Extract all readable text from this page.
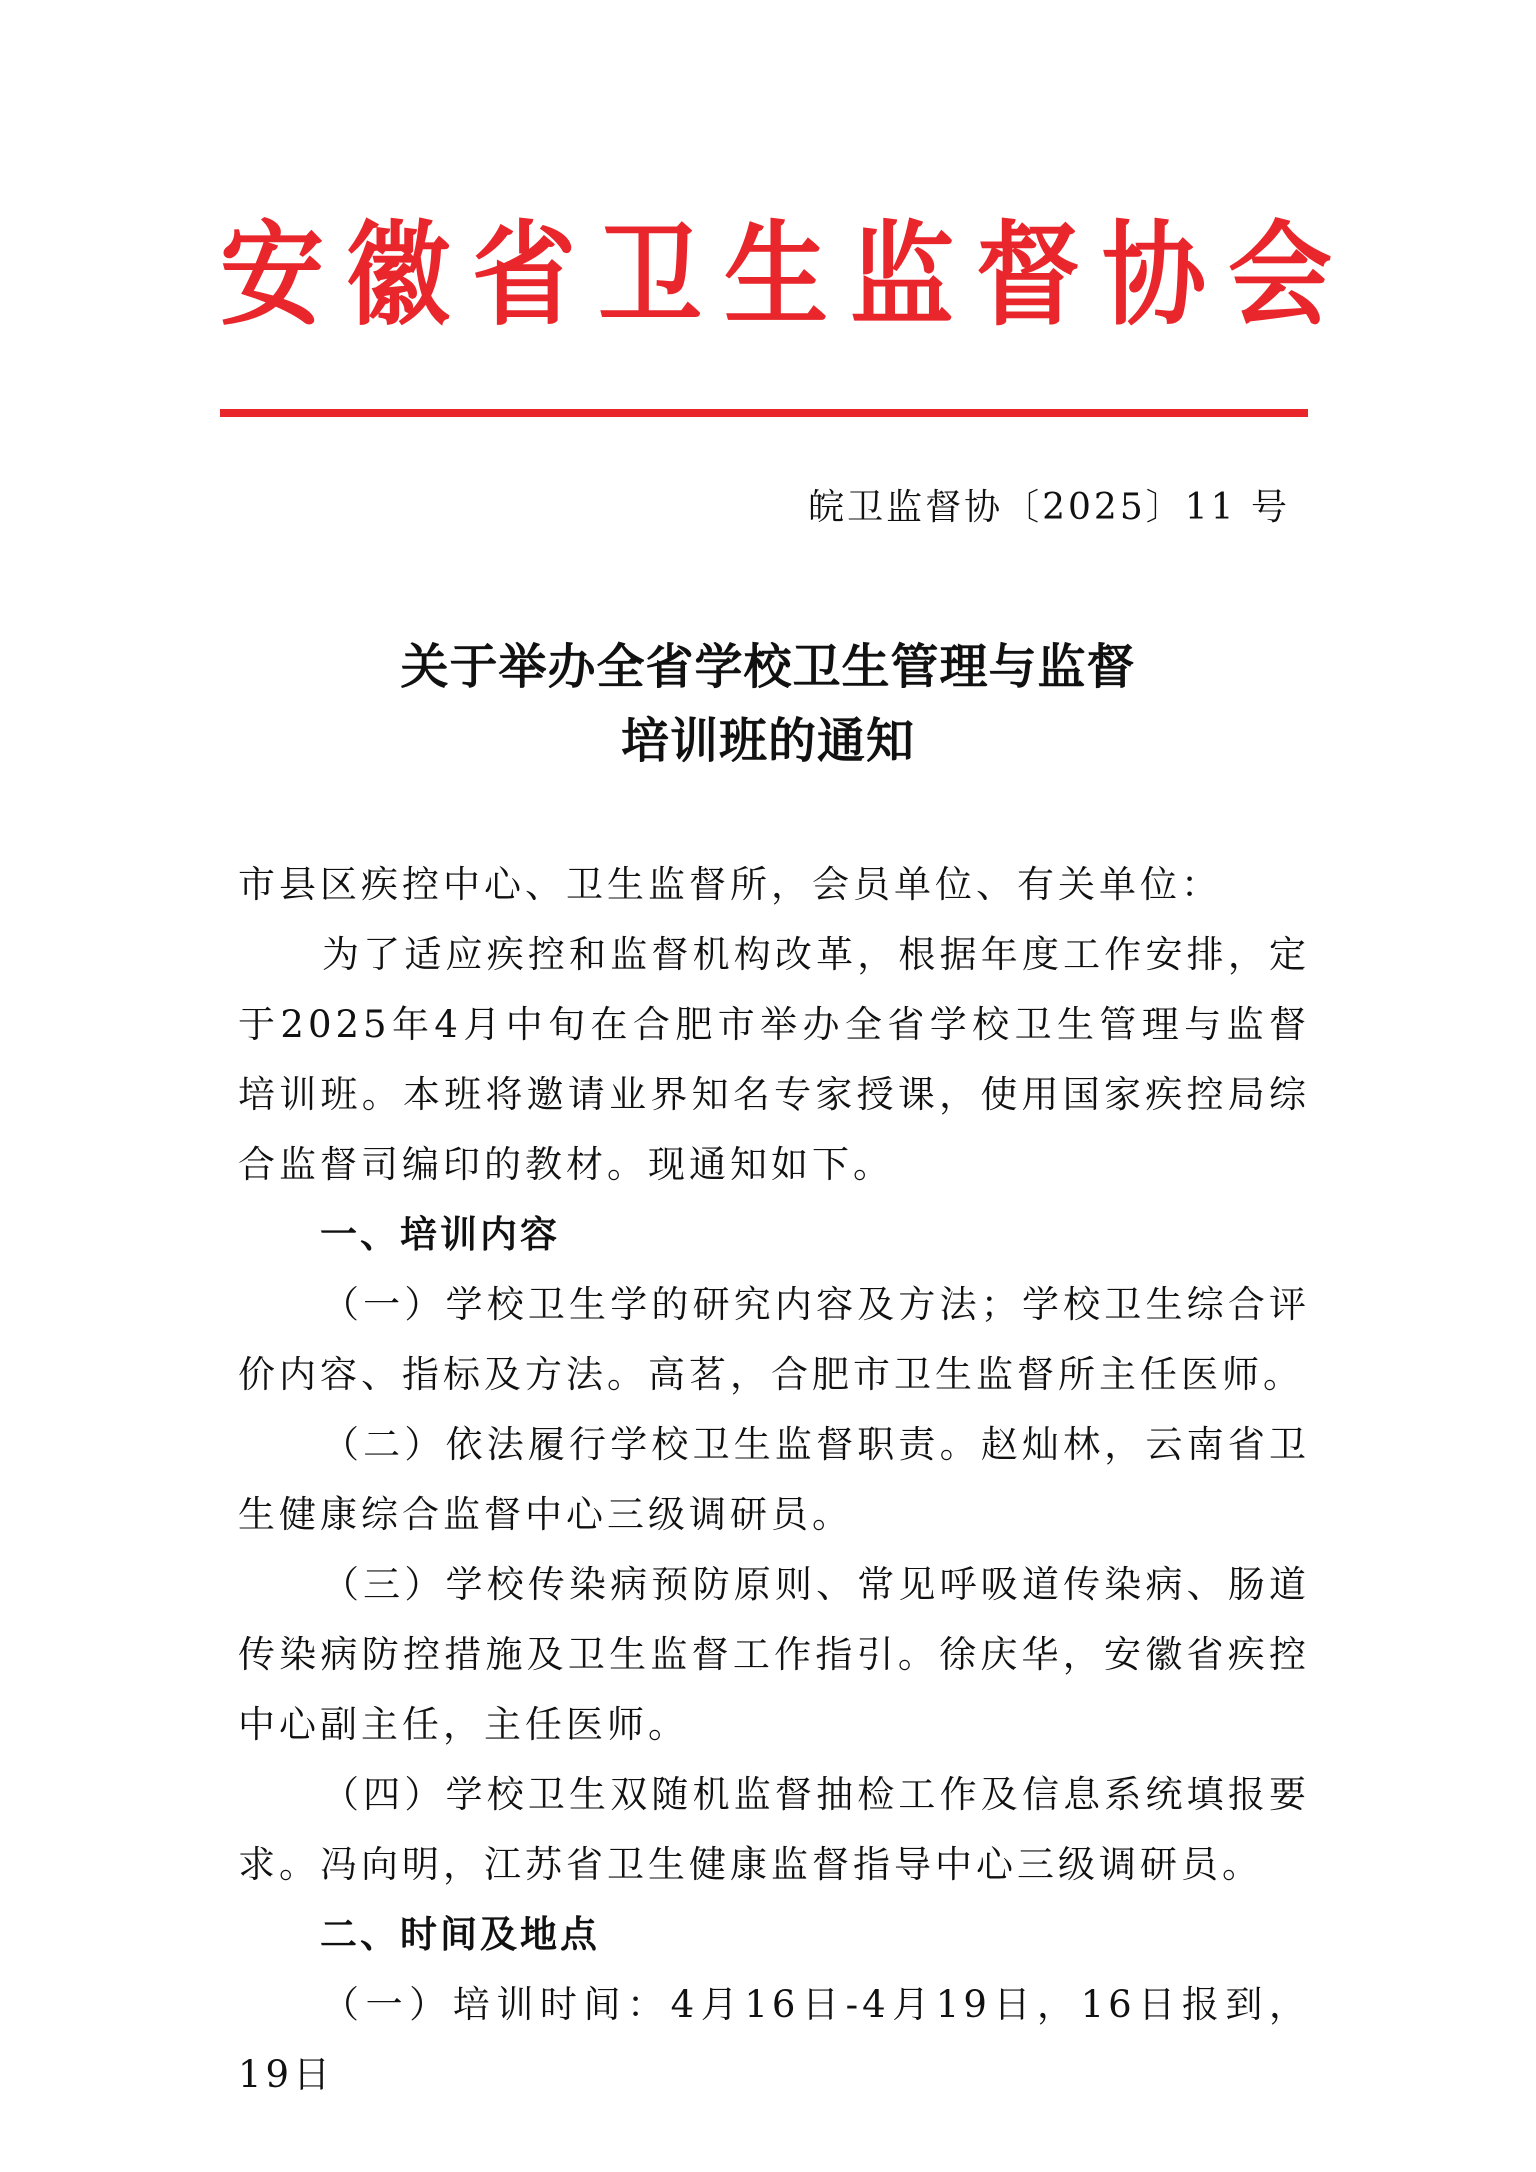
安徽省卫生监督协会
皖卫监督协〔2025〕11 号
关于举办全省学校卫生管理与监督
培训班的通知

市县区疾控中心、卫生监督所，会员单位、有关单位：

为了适应疾控和监督机构改革，根据年度工作安排，定于2025年4月中旬在合肥市举办全省学校卫生管理与监督培训班。本班将邀请业界知名专家授课，使用国家疾控局综合监督司编印的教材。现通知如下。

一、培训内容

（一）学校卫生学的研究内容及方法；学校卫生综合评价内容、指标及方法。高茗，合肥市卫生监督所主任医师。

（二）依法履行学校卫生监督职责。赵灿林，云南省卫生健康综合监督中心三级调研员。

（三）学校传染病预防原则、常见呼吸道传染病、肠道传染病防控措施及卫生监督工作指引。徐庆华，安徽省疾控中心副主任，主任医师。

（四）学校卫生双随机监督抽检工作及信息系统填报要求。冯向明，江苏省卫生健康监督指导中心三级调研员。

二、时间及地点

（一）培训时间：4月16日-4月19日，16日报到，19日
